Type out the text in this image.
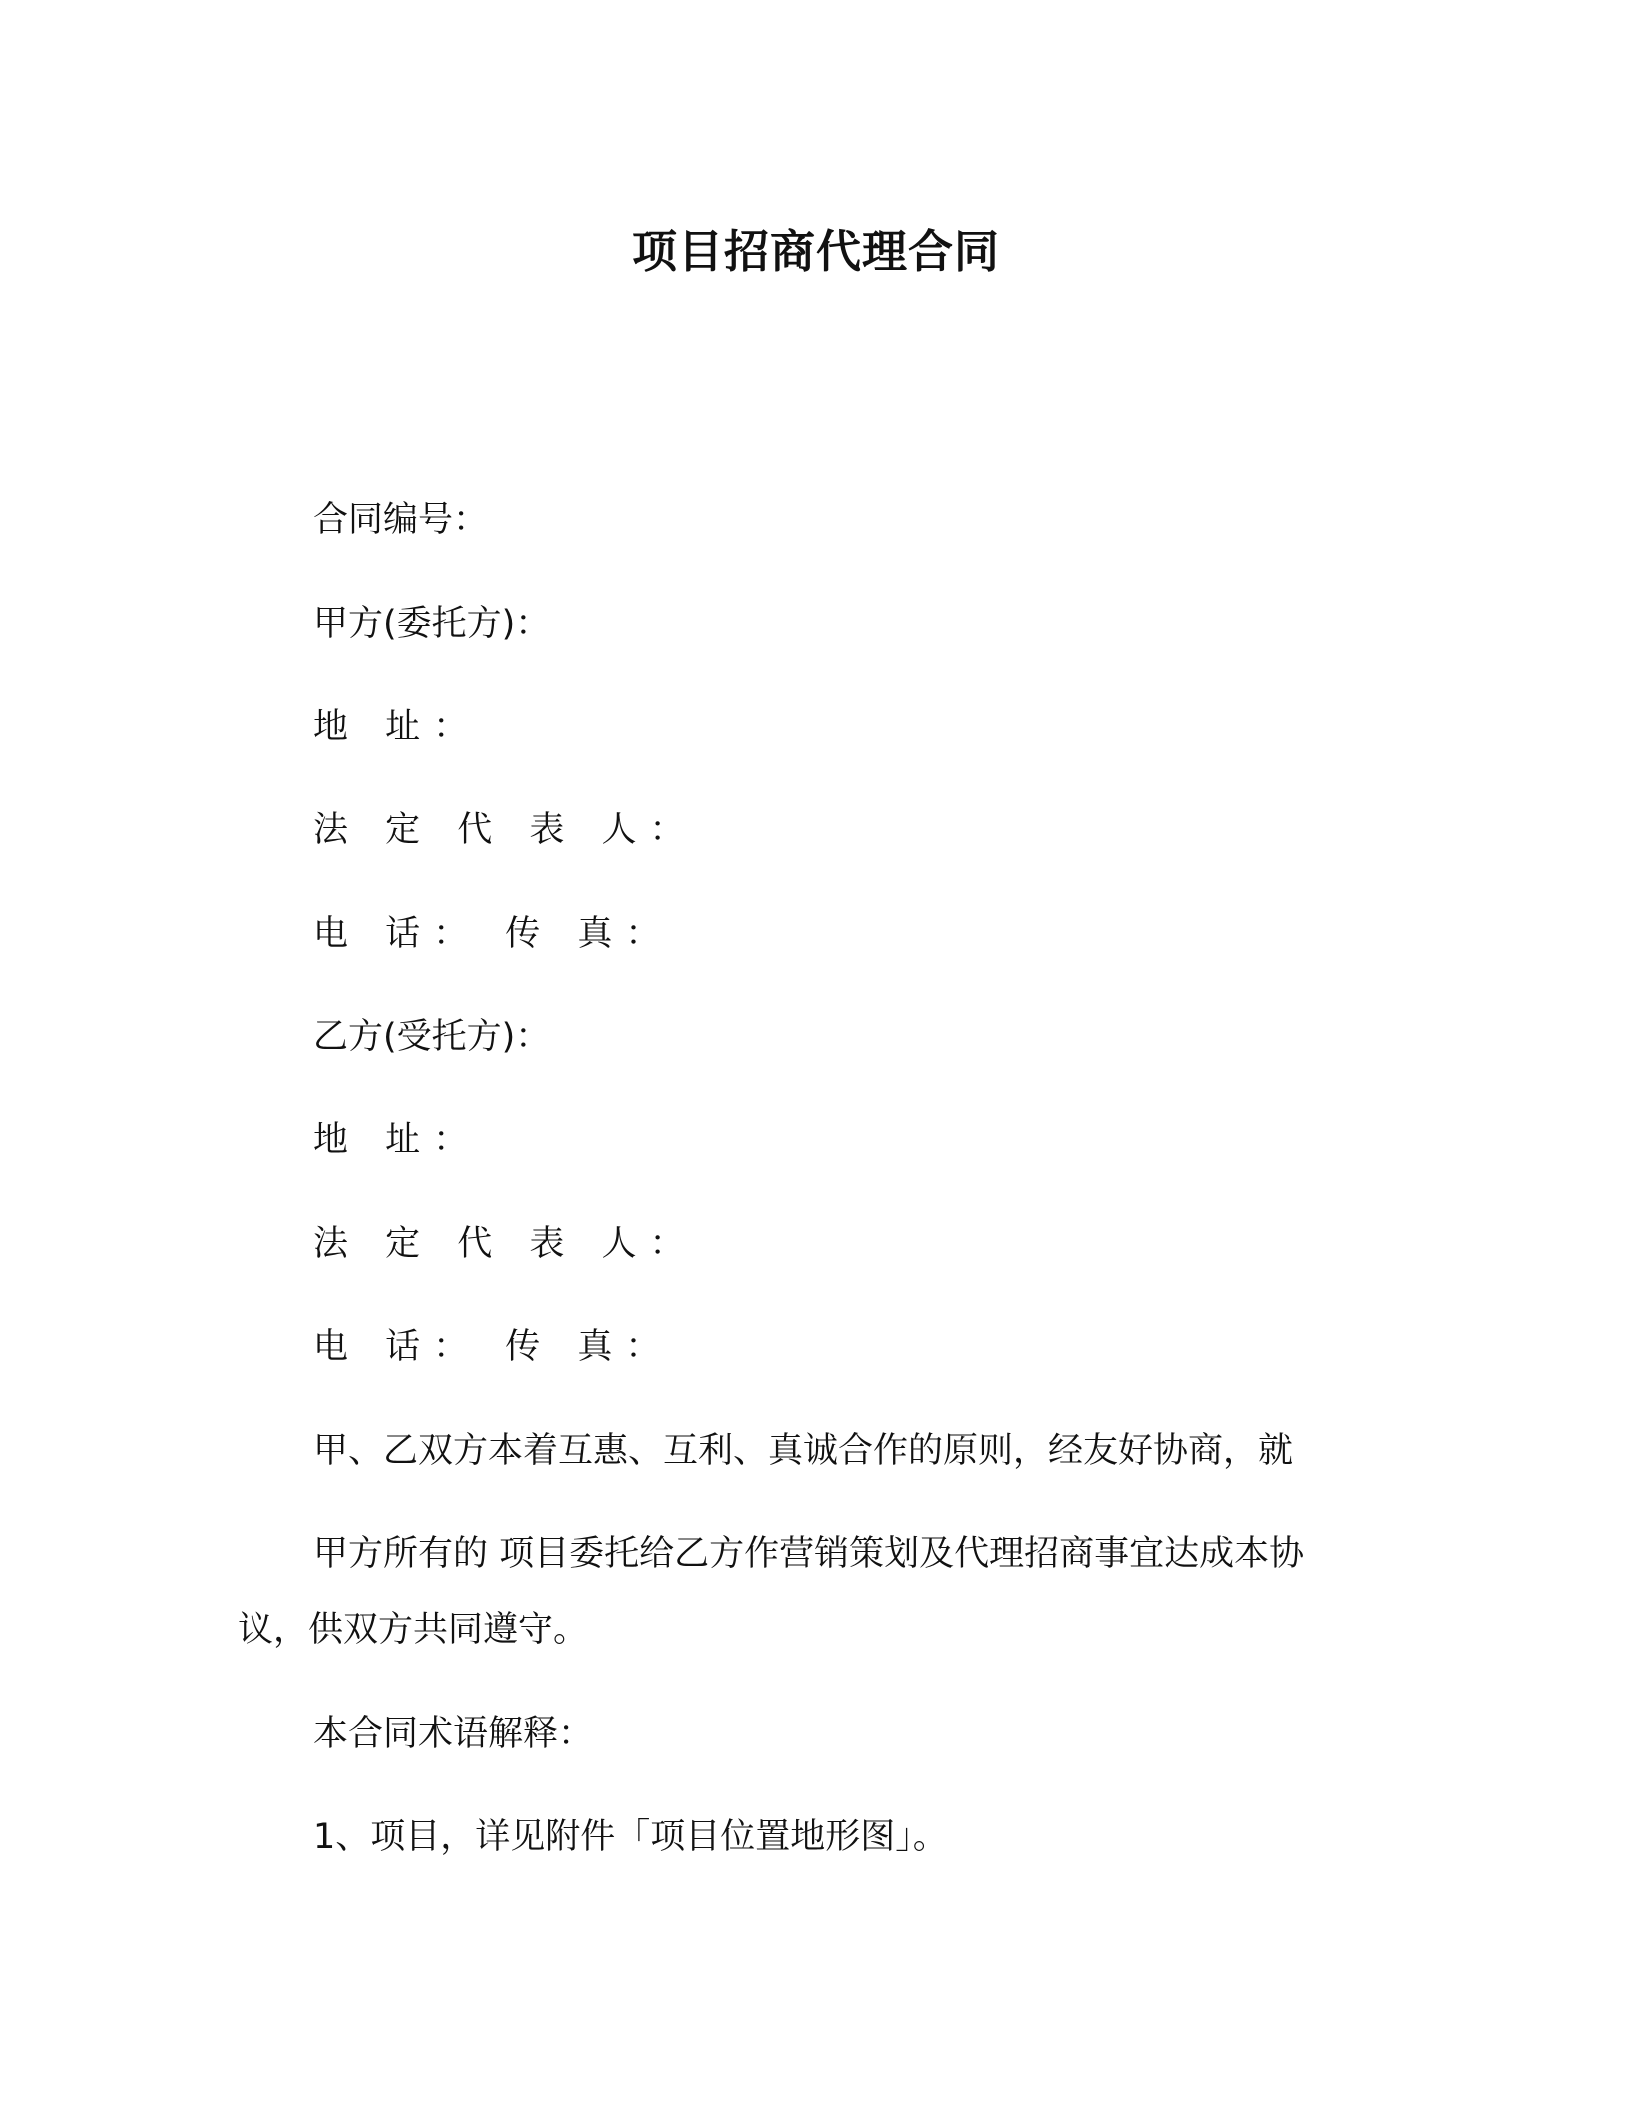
项目招商代理合同
合同编号：
甲方(委托方)：
地 址：
法 定 代 表 人：
电 话： 传 真：
乙方(受托方)：
地 址：
法 定 代 表 人：
电 话： 传 真：
甲、乙双方本着互惠、互利、真诚合作的原则，经友好协商，就
甲方所有的 项目委托给乙方作营销策划及代理招商事宜达成本协
议，供双方共同遵守。
本合同术语解释：
1、项目，详见附件「项目位置地形图」。
